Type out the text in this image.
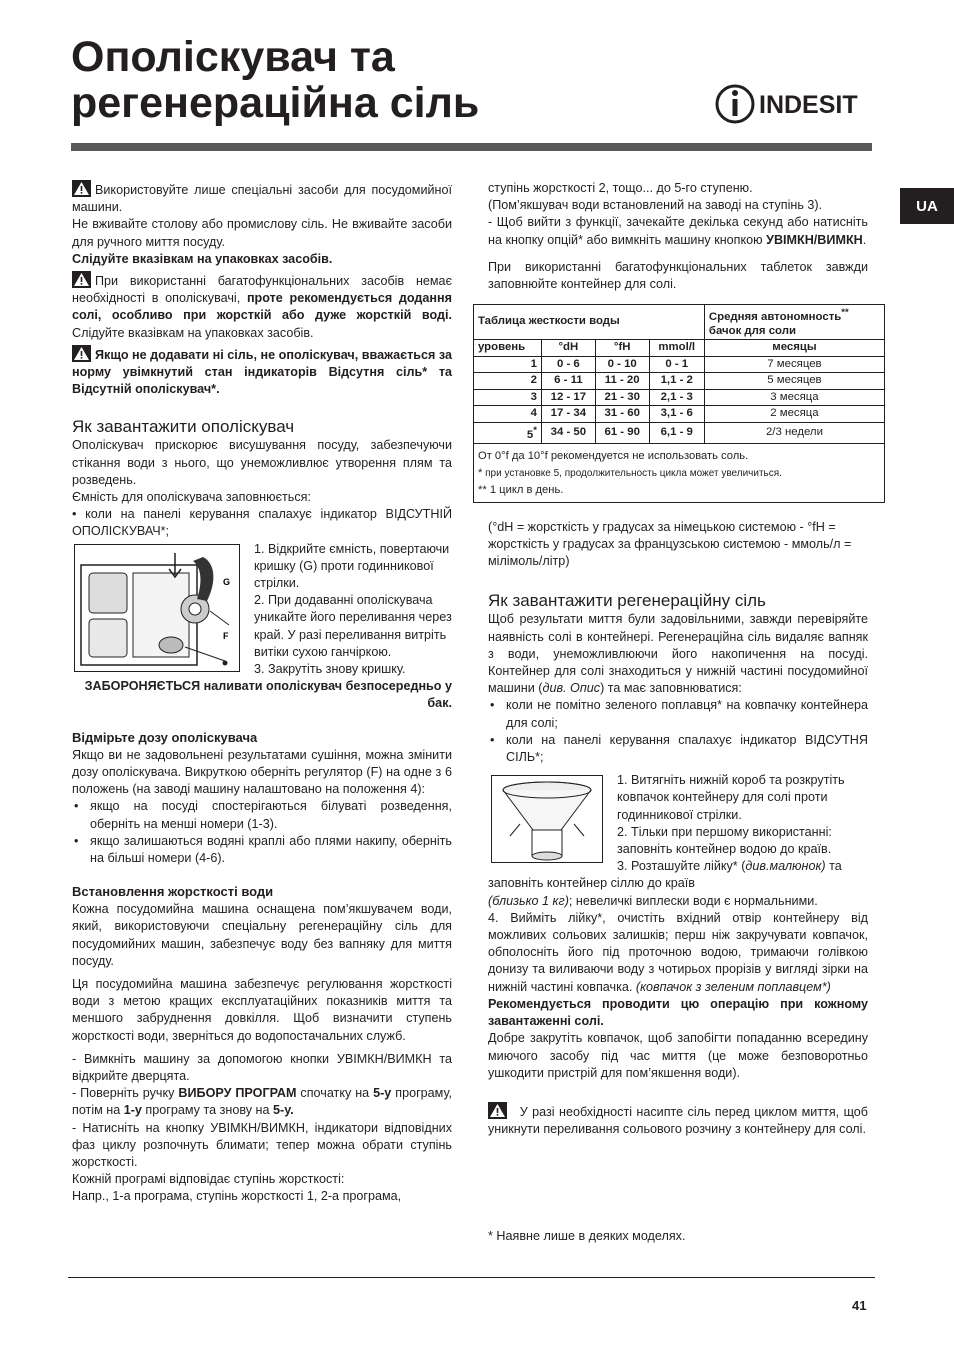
Ополіскувач та
регенераційна сіль	INDESIT
UA

Використовуйте лише спеціальні засоби для посудомийної машини.

Не вживайте столову або промислову сіль. Не вживайте засоби для ручного миття посуду.

Слідуйте вказівкам на упаковках засобів.

При використанні багатофункціональних засобів немає необхідності в ополіскувачі, проте рекомендується додання солі, особливо при жорсткій або дуже жорсткій воді. Слідуйте вказівкам на упаковках засобів.

Якщо не додавати ні сіль, не ополіскувач, вважається за норму увімкнутий стан індикаторів Відсутня сіль* та Відсутній ополіскувач*.

Як завантажити ополіскувач

Ополіскувач прискорює висушування посуду, забезпечуючи стікання води з нього, що унеможливлює утворення плям та розведень.

Ємність для ополіскувача заповнюється:

• коли на панелі керування спалахує індикатор ВІДСУТНІЙ ОПОЛІСКУВАЧ*;

F
G

1. Відкрийте ємність, повертаючи кришку (G) проти годинникової стрілки.

2. При додаванні ополіскувача уникайте його переливання через край. У разі переливання витріть витіки сухою ганчіркою.

3. Закрутіть знову кришку.

ЗАБОРОНЯЄТЬСЯ наливати ополіскувач безпосередньо у бак.

Відмірьте дозу ополіскувача

Якщо ви не задовольнені результатами сушіння, можна змінити дозу ополіскувача. Викруткою оберніть регулятор (F) на одне з 6 положень (на заводі машину налаштовано на положення 4):

• якщо на посуді спостерігаються білуваті розведення, оберніть на менші номери (1-3).
• якщо залишаються водяні краплі або плями накипу, оберніть на більші номери (4-6).
Встановлення жорсткості води

Кожна посудомийна машина оснащена пом’якшувачем води, який, використовуючи спеціальну регенераційну сіль для посудомийних машин, забезпечує воду без вапняку для миття посуду.

Ця посудомийна машина забезпечує регулювання жорсткості води з метою кращих експлуатаційних показників миття та меншого забруднення довкілля. Щоб визначити ступень жорсткості води, зверніться до водопостачальних служб.

- Вимкніть машину за допомогою кнопки УВІМКН/ВИМКН та відкрийте дверцята.

- Поверніть ручку ВИБОРУ ПРОГРАМ спочатку на 5-у програму, потім на 1-у програму та знову на 5-у.

- Натисніть на кнопку УВІМКН/ВИМКН, індикатори відповідних фаз циклу розпочнуть блимати; тепер можна обрати ступінь жорсткості.

Кожній програмі відповідає ступінь жорсткості:

Напр., 1-а програма, ступінь жорсткості 1, 2-а програма,

ступінь жорсткості 2, тощо... до 5-го ступеню.

(Пом’якшувач води встановлений на заводі на ступінь 3).

- Щоб вийти з функції, зачекайте декілька секунд або натисніть на кнопку опцій* або вимкніть машину кнопкою УВІМКН/ВИМКН.

При використанні багатофункціональних таблеток завжди заповнюйте контейнер для солі.

Таблица жесткости воды				Средняя автономность**
бачок для соли
уровень	°dH	°fH	mmol/l	месяцы
1	0 - 6	0 - 10	0 - 1	7 месяцев
2	6 - 11	11 - 20	1,1 - 2	5 месяцев
3	12 - 17	21 - 30	2,1 - 3	3 месяца
4	17 - 34	31 - 60	3,1 - 6	2 месяца
5*	34 - 50	61 - 90	6,1 - 9	2/3 недели
От 0°f да 10°f рекомендуется не использовать соль.
* при установке 5, продолжительность цикла может увеличиться.
** 1 цикл в день.

(°dH = жорсткість у градусах за німецькою системою - °fH = жорсткість у градусах за французською системою - ммоль/л = мілімоль/літр)

Як завантажити регенераційну сіль

Щоб результати миття були задовільними, завжди перевіряйте наявність солі в контейнері. Регенераційна сіль видаляє вапняк з води, унеможливлюючи його накопичення на посуді. Контейнер для солі знаходиться у нижній частині посудомийної машини (див. Опис) та має заповнюватися:

• коли не помітно зеленого поплавця* на ковпачку контейнера для солі;
• коли на панелі керування спалахує індикатор ВІДСУТНЯ СІЛЬ*;

1. Витягніть нижній короб та розкрутіть ковпачок контейнеру для солі проти годинникової стрілки.

2. Тільки при першому використанні: заповніть контейнер водою до країв.

3. Розташуйте лійку* (див.малюнок) та заповніть контейнер сіллю до країв

(близько 1 кг); невеличкі виплески води є нормальними.

4. Вийміть лійку*, очистіть вхідний отвір контейнеру від можливих сольових залишків; перш ніж закручувати ковпачок, обполосніть його під проточною водою, тримаючи голівкою донизу та виливаючи воду з чотирьох прорізів у вигляді зірки на нижній частині ковпачка. (ковпачок з зеленим поплавцем*)

Рекомендується проводити цю операцію при кожному завантаженні солі.

Добре закрутіть ковпачок, щоб запобігти попаданню всередину миючого засобу під час миття (це може безповоротньо ушкодити пристрій для пом’якшення води).

У разі необхідності насипте сіль перед циклом миття, щоб уникнути переливання сольового розчину з контейнеру для солі.

* Наявне лише в деяких моделях.
41
